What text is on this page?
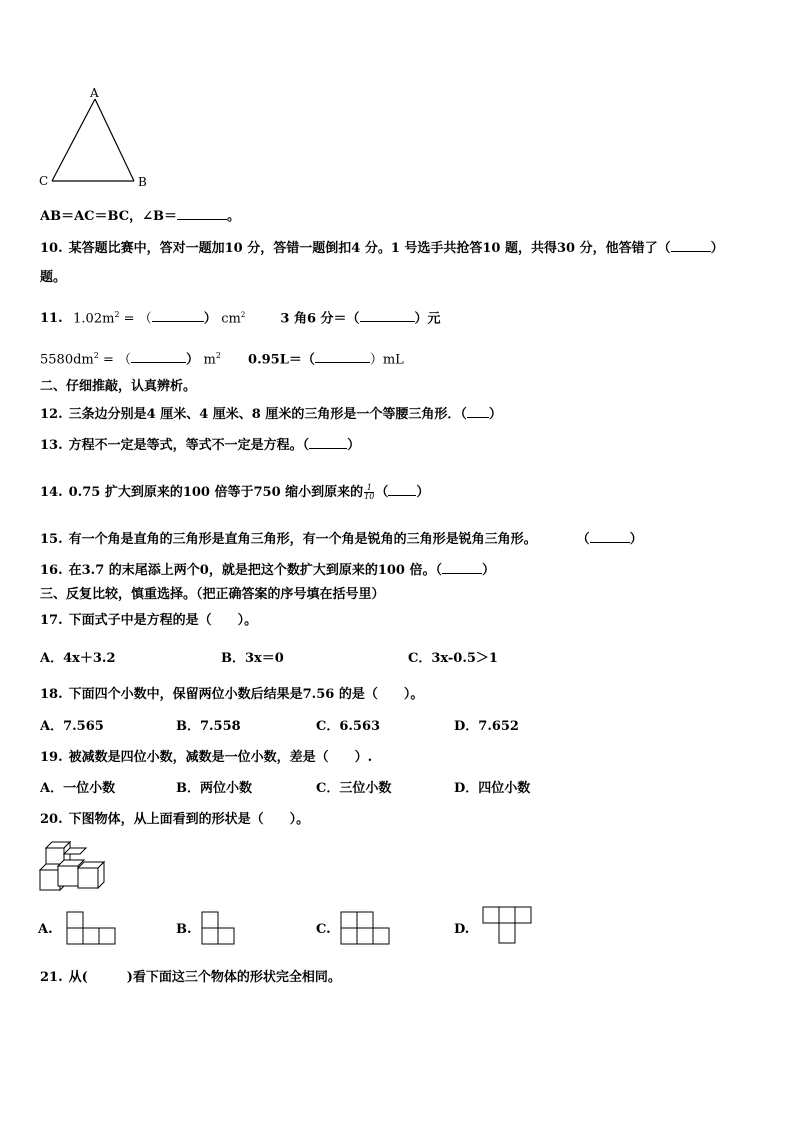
A
C	B
AB＝AC＝BC，∠B＝	。
10. 某答题比赛中，答对一题加10 分，答错一题倒扣4 分。1 号选手共抢答10 题，共得30 分，他答错了（	）
题。
11. $1.02m^2$ = （	） $cm^2$	3 角6 分＝（	）元
$5580dm^2$ = （	） $m^2$ 0.95L＝（	）mL
二、仔细推敲，认真辨析。
12. 三条边分别是4 厘米、4 厘米、8 厘米的三角形是一个等腰三角形．（ ）
13. 方程不一定是等式，等式不一定是方程。（	）
14. 0.75 扩大到原来的100 倍等于750 缩小到原来的 $\frac{1}{10}$ （ ）
15. 有一个角是直角的三角形是直角三角形，有一个角是锐角的三角形是锐角三角形。	（	）
16. 在3.7 的末尾添上两个0，就是把这个数扩大到原来的100 倍。（	）
三、反复比较，慎重选择。（把正确答案的序号填在括号里）
17. 下面式子中是方程的是（　　）。
A．4x＋3.2	B．3x＝0	C．3x-0.5＞1
18. 下面四个小数中，保留两位小数后结果是7.56 的是（　　）。
A．7.565	B．7.558	C．6.563	D．7.652
19. 被减数是四位小数，减数是一位小数，差是（　　）.
A．一位小数	B．两位小数	C．三位小数	D．四位小数
20. 下图物体，从上面看到的形状是（　　）。
A.	B.	C.	D.
21. 从(　　　)看下面这三个物体的形状完全相同。
